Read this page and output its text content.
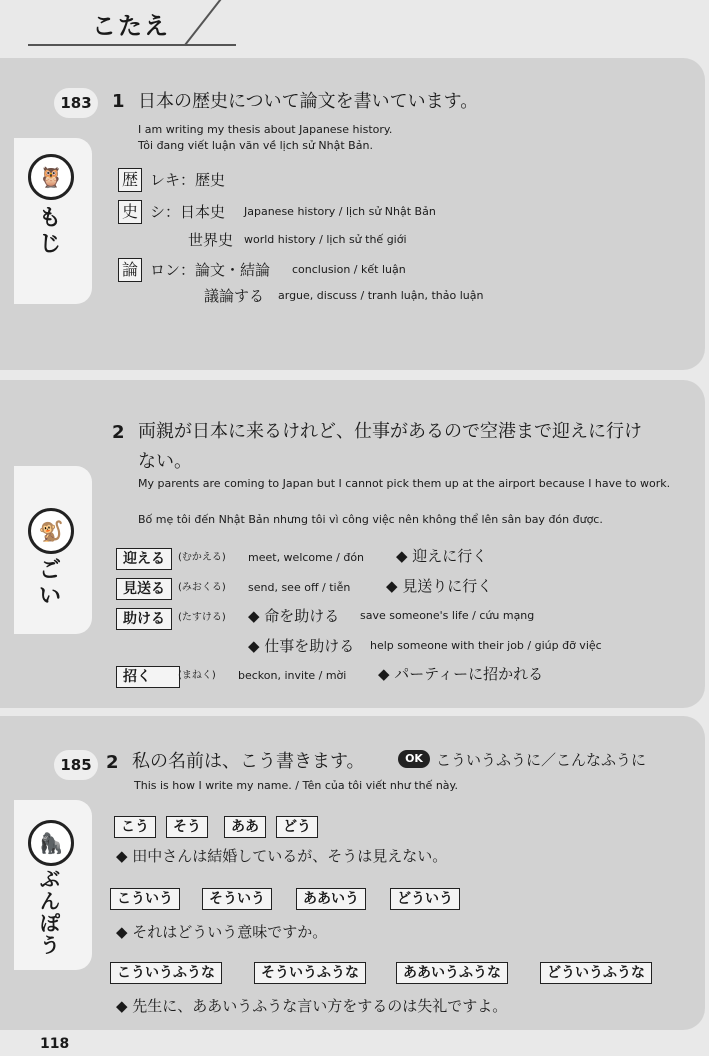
こたえ
183	1 日本の歴史について論文を書いています。
I am writing my thesis about Japanese history.
Tôi đang viết luận văn về lịch sử Nhật Bản.
🦉
もじ
歴 レキ：歴史
史 シ：日本史 Japanese history / lịch sử Nhật Bản
世界史 world history / lịch sử thế giới
論 ロン：論文・結論 conclusion / kết luận
議論する argue, discuss / tranh luận, thảo luận
2 両親が日本に来るけれど、仕事があるので空港まで迎えに行け
ない。
My parents are coming to Japan but I cannot pick them up at the airport because I have to work.
Bố mẹ tôi đến Nhật Bản nhưng tôi vì công việc nên không thể lên sân bay đón được.
🐒
ごい
迎える	(むかえる) meet, welcome / đón ◆ 迎えに行く
見送る	(みおくる) send, see off / tiễn ◆ 見送りに行く
助ける	(たすける) ◆ 命を助ける save someone's life / cứu mạng
◆ 仕事を助ける help someone with their job / giúp đỡ việc
招く	(まねく) beckon, invite / mời ◆ パーティーに招かれる
185 2 私の名前は、こう書きます。	OK こういうふうに／こんなふうに
This is how I write my name. / Tên của tôi viết như thế này.
🦍
ぶんぽう
こう	そう	ああ	どう
◆ 田中さんは結婚しているが、そうは見えない。
こういう	そういう	ああいう	どういう
◆ それはどういう意味ですか。
こういうふうな	そういうふうな	ああいうふうな	どういうふうな
◆ 先生に、ああいうふうな言い方をするのは失礼ですよ。
118
